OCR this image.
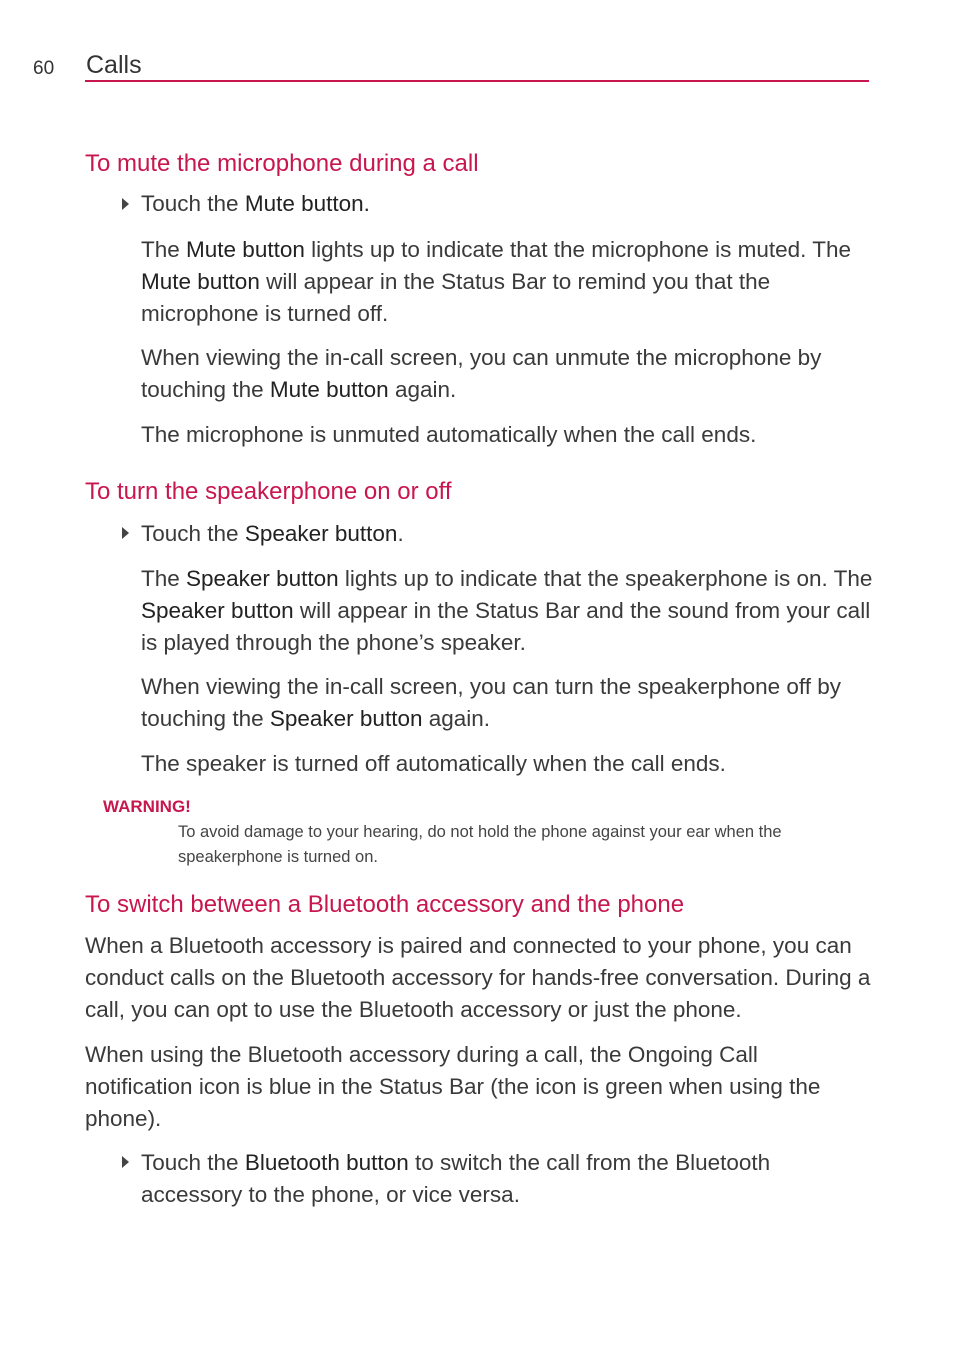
60 Calls
To mute the microphone during a call

Touch the Mute button.

The Mute button lights up to indicate that the microphone is muted. The Mute button will appear in the Status Bar to remind you that the microphone is turned off.

When viewing the in-call screen, you can unmute the microphone by touching the Mute button again.

The microphone is unmuted automatically when the call ends.

To turn the speakerphone on or off

Touch the Speaker button.

The Speaker button lights up to indicate that the speakerphone is on. The Speaker button will appear in the Status Bar and the sound from your call is played through the phone’s speaker.

When viewing the in-call screen, you can turn the speakerphone off by touching the Speaker button again.

The speaker is turned off automatically when the call ends.

WARNING!

To avoid damage to your hearing, do not hold the phone against your ear when the speakerphone is turned on.

To switch between a Bluetooth accessory and the phone

When a Bluetooth accessory is paired and connected to your phone, you can conduct calls on the Bluetooth accessory for hands-free conversation. During a call, you can opt to use the Bluetooth accessory or just the phone.

When using the Bluetooth accessory during a call, the Ongoing Call notification icon is blue in the Status Bar (the icon is green when using the phone).

Touch the Bluetooth button to switch the call from the Bluetooth accessory to the phone, or vice versa.
